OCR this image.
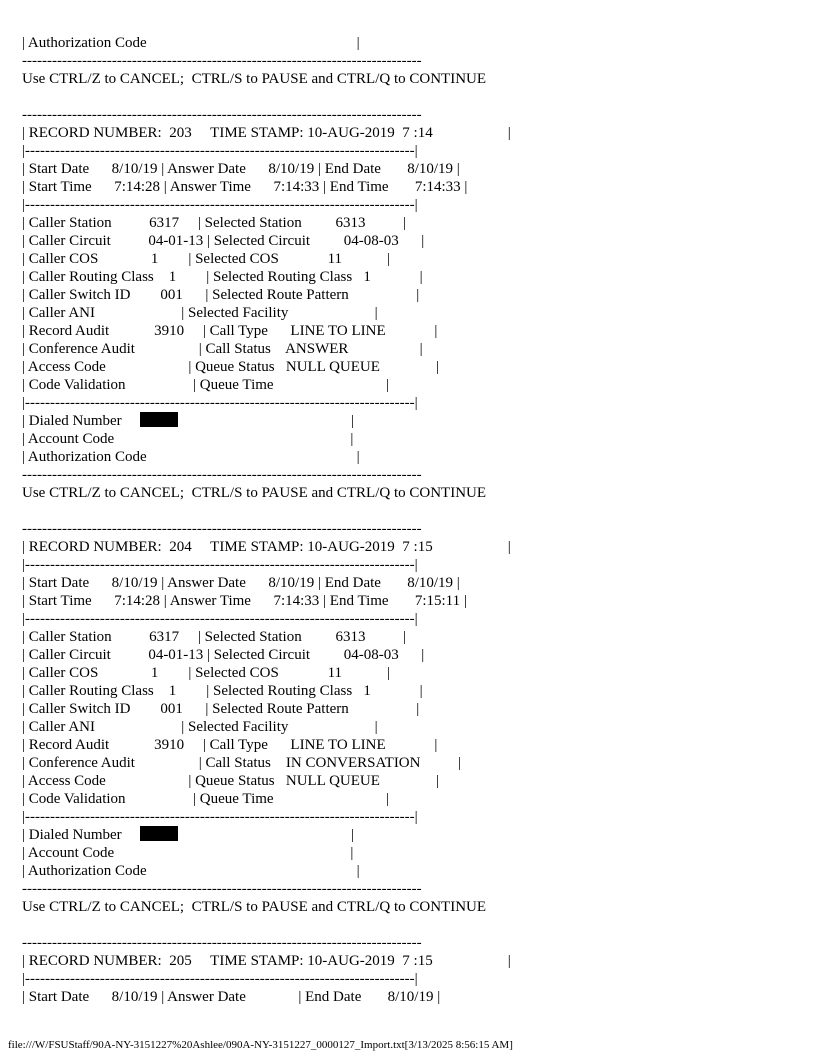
| Authorization Code                                                        |
--------------------------------------------------------------------------------
Use CTRL/Z to CANCEL;  CTRL/S to PAUSE and CTRL/Q to CONTINUE
--------------------------------------------------------------------------------
| RECORD NUMBER:  203     TIME STAMP: 10-AUG-2019  7 :14                    |
|------------------------------------------------------------------------------|
| Start Date      8/10/19 | Answer Date      8/10/19 | End Date       8/10/19 |
| Start Time      7:14:28 | Answer Time      7:14:33 | End Time       7:14:33 |
|------------------------------------------------------------------------------|
| Caller Station          6317     | Selected Station         6313          |
| Caller Circuit          04-01-13 | Selected Circuit         04-08-03      |
| Caller COS              1        | Selected COS             11            |
| Caller Routing Class    1        | Selected Routing Class   1             |
| Caller Switch ID        001      | Selected Route Pattern                  |
| Caller ANI                       | Selected Facility                       |
| Record Audit            3910     | Call Type      LINE TO LINE             |
| Conference Audit                 | Call Status    ANSWER                   |
| Access Code                      | Queue Status   NULL QUEUE               |
| Code Validation                  | Queue Time                              |
|------------------------------------------------------------------------------|
| Dialed Number	|
| Account Code                                                               |
| Authorization Code                                                        |
--------------------------------------------------------------------------------
Use CTRL/Z to CANCEL;  CTRL/S to PAUSE and CTRL/Q to CONTINUE
--------------------------------------------------------------------------------
| RECORD NUMBER:  204     TIME STAMP: 10-AUG-2019  7 :15                    |
|------------------------------------------------------------------------------|
| Start Date      8/10/19 | Answer Date      8/10/19 | End Date       8/10/19 |
| Start Time      7:14:28 | Answer Time      7:14:33 | End Time       7:15:11 |
|------------------------------------------------------------------------------|
| Caller Station          6317     | Selected Station         6313          |
| Caller Circuit          04-01-13 | Selected Circuit         04-08-03      |
| Caller COS              1        | Selected COS             11            |
| Caller Routing Class    1        | Selected Routing Class   1             |
| Caller Switch ID        001      | Selected Route Pattern                  |
| Caller ANI                       | Selected Facility                       |
| Record Audit            3910     | Call Type      LINE TO LINE             |
| Conference Audit                 | Call Status    IN CONVERSATION          |
| Access Code                      | Queue Status   NULL QUEUE               |
| Code Validation                  | Queue Time                              |
|------------------------------------------------------------------------------|
| Dialed Number	|
| Account Code                                                               |
| Authorization Code                                                        |
--------------------------------------------------------------------------------
Use CTRL/Z to CANCEL;  CTRL/S to PAUSE and CTRL/Q to CONTINUE
--------------------------------------------------------------------------------
| RECORD NUMBER:  205     TIME STAMP: 10-AUG-2019  7 :15                    |
|------------------------------------------------------------------------------|
| Start Date      8/10/19 | Answer Date              | End Date       8/10/19 |
file:///W/FSUStaff/90A-NY-3151227%20Ashlee/090A-NY-3151227_0000127_Import.txt[3/13/2025 8:56:15 AM]
